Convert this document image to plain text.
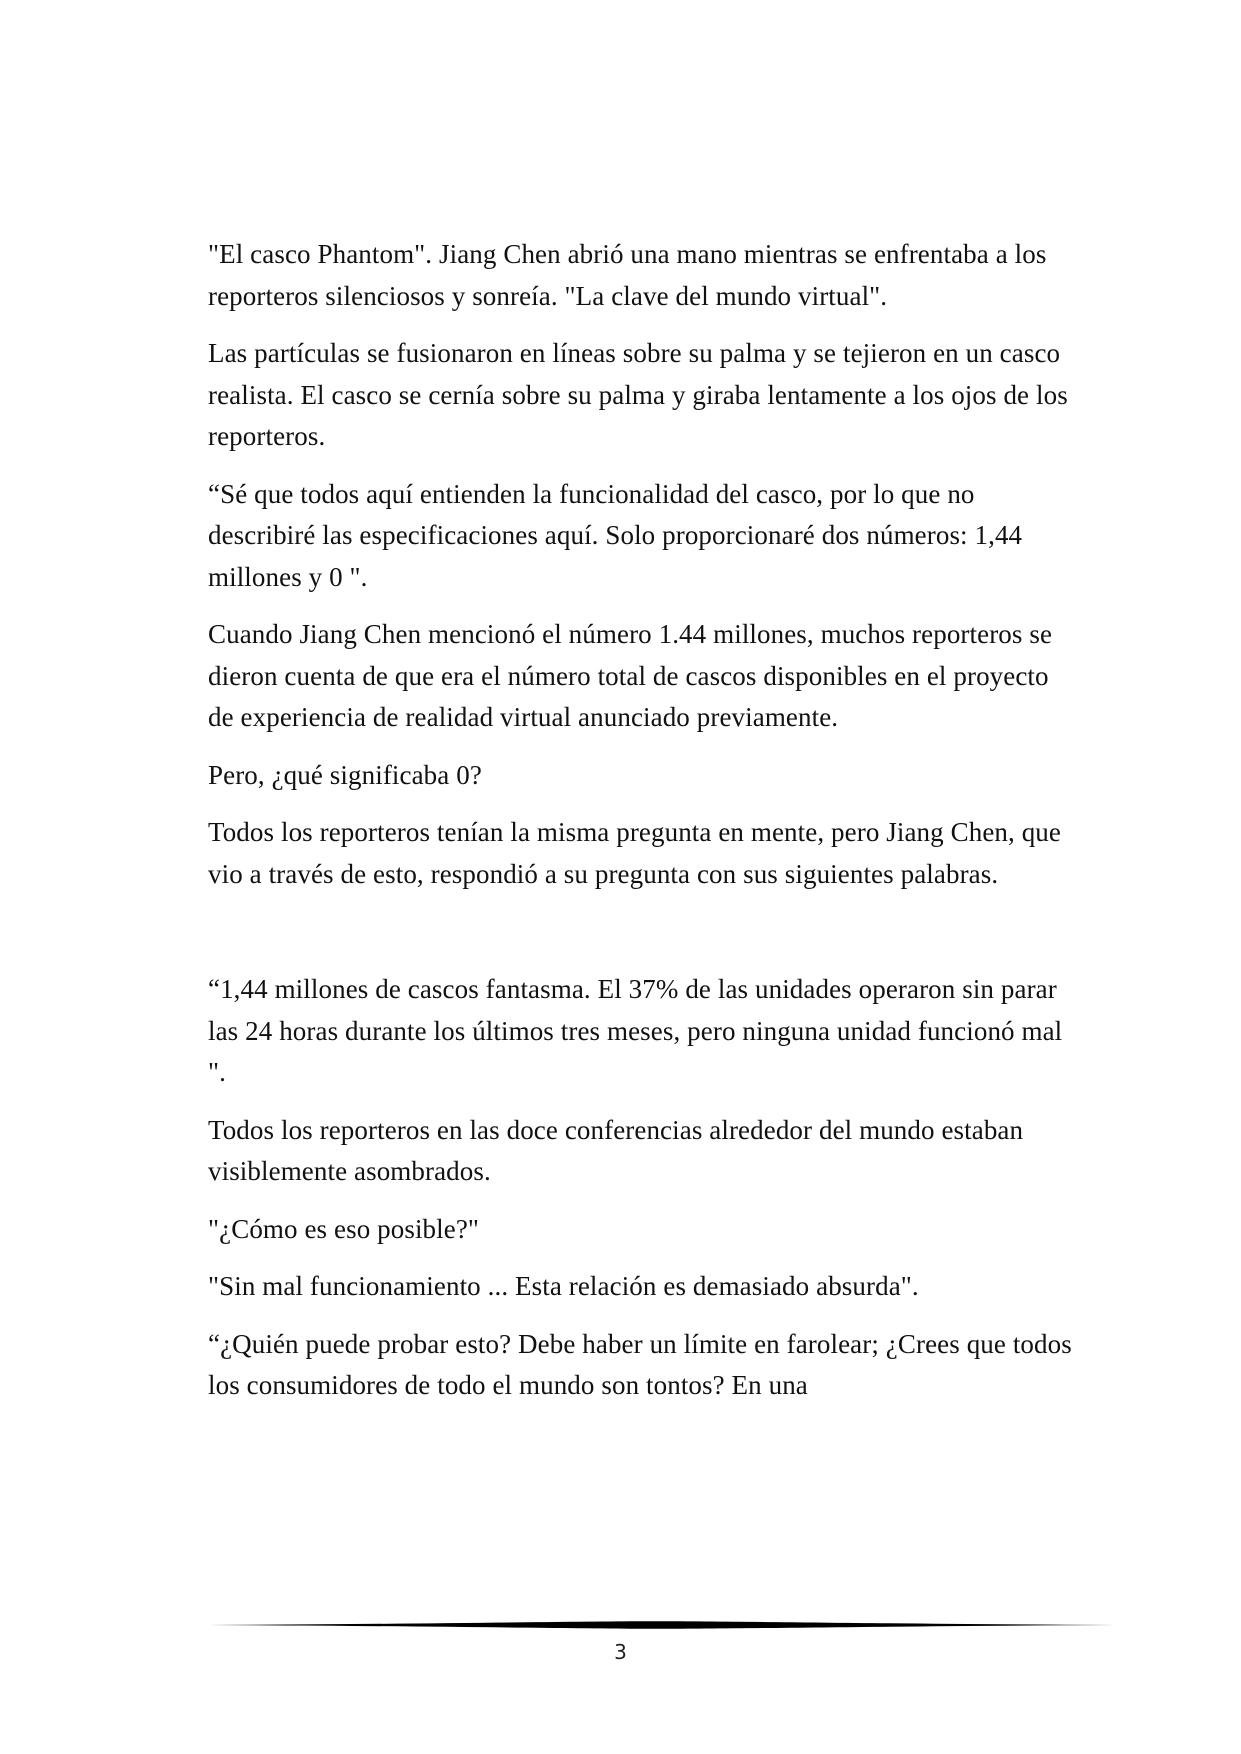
"El casco Phantom". Jiang Chen abrió una mano mientras se enfrentaba a los reporteros silenciosos y sonreía. "La clave del mundo virtual".

Las partículas se fusionaron en líneas sobre su palma y se tejieron en un casco realista. El casco se cernía sobre su palma y giraba lentamente a los ojos de los reporteros.

“Sé que todos aquí entienden la funcionalidad del casco, por lo que no describiré las especificaciones aquí. Solo proporcionaré dos números: 1,44 millones y 0 ".

Cuando Jiang Chen mencionó el número 1.44 millones, muchos reporteros se dieron cuenta de que era el número total de cascos disponibles en el proyecto de experiencia de realidad virtual anunciado previamente.

Pero, ¿qué significaba 0?

Todos los reporteros tenían la misma pregunta en mente, pero Jiang Chen, que vio a través de esto, respondió a su pregunta con sus siguientes palabras.

“1,44 millones de cascos fantasma. El 37% de las unidades operaron sin parar las 24 horas durante los últimos tres meses, pero ninguna unidad funcionó mal ".

Todos los reporteros en las doce conferencias alrededor del mundo estaban visiblemente asombrados.

"¿Cómo es eso posible?"

"Sin mal funcionamiento ... Esta relación es demasiado absurda".

“¿Quién puede probar esto? Debe haber un límite en farolear; ¿Crees que todos los consumidores de todo el mundo son tontos? En una

3
